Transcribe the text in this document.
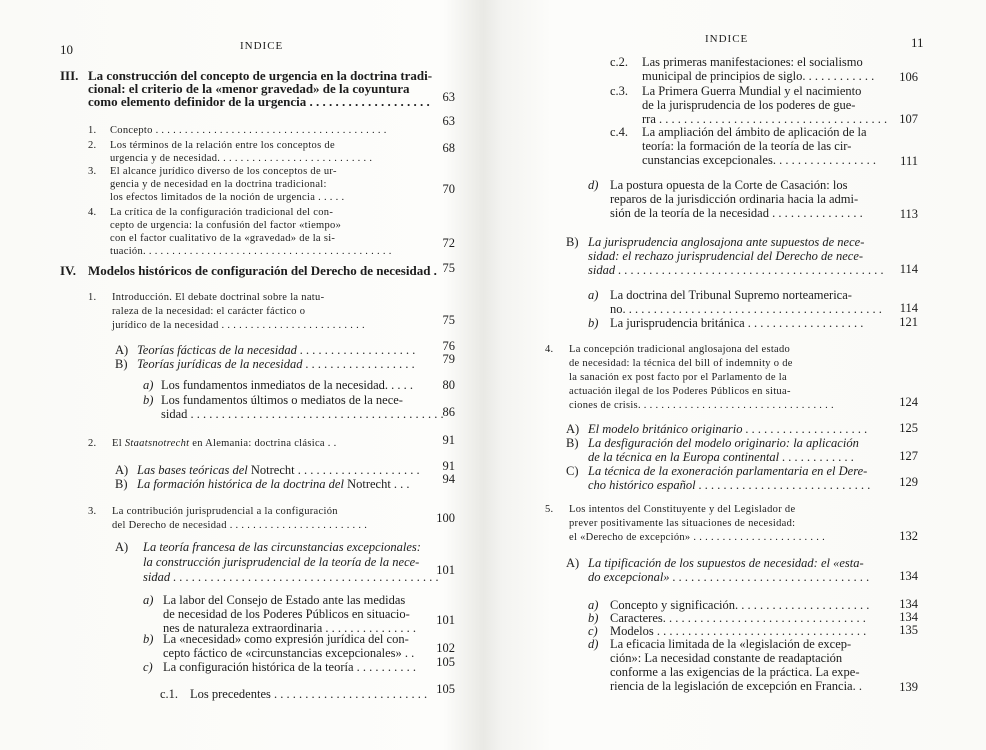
10	INDICE
III. La construcción del concepto de urgencia en la doctrina tradi-
cional: el criterio de la «menor gravedad» de la coyuntura
como elemento definidor de la urgencia . . . . . . . . . . . . . . . . . . .	63
1. Concepto . . . . . . . . . . . . . . . . . . . . . . . . . . . . . . . . . . . . . . . .
63
2. Los términos de la relación entre los conceptos de
urgencia y de necesidad. . . . . . . . . . . . . . . . . . . . . . . . . . .
68
3. El alcance jurídico diverso de los conceptos de ur-
gencia y de necesidad en la doctrina tradicional:
los efectos limitados de la noción de urgencia . . . . .
70
4. La crítica de la configuración tradicional del con-
cepto de urgencia: la confusión del factor «tiempo»
con el factor cualitativo de la «gravedad» de la si-
tuación. . . . . . . . . . . . . . . . . . . . . . . . . . . . . . . . . . . . . . . . . . .
72
IV. Modelos históricos de configuración del Derecho de necesidad . 75
1. Introducción. El debate doctrinal sobre la natu-
raleza de la necesidad: el carácter fáctico o
jurídico de la necesidad . . . . . . . . . . . . . . . . . . . . . . . . .	75
A) Teorías fácticas de la necesidad . . . . . . . . . . . . . . . . . . .	76
B) Teorías jurídicas de la necesidad . . . . . . . . . . . . . . . . . .	79
a) Los fundamentos inmediatos de la necesidad. . . . .	80
b) Los fundamentos últimos o mediatos de la nece-
sidad . . . . . . . . . . . . . . . . . . . . . . . . . . . . . . . . . . . . . . . . .
86
2. El Staatsnotrecht en Alemania: doctrina clásica . .	91
A) Las bases teóricas del Notrecht . . . . . . . . . . . . . . . . . . . .	91
B) La formación histórica de la doctrina del Notrecht . . .	94
3. La contribución jurisprudencial a la configuración
del Derecho de necesidad . . . . . . . . . . . . . . . . . . . . . . . .
100
A) La teoría francesa de las circunstancias excepcionales:
la construcción jurisprudencial de la teoría de la nece-
sidad . . . . . . . . . . . . . . . . . . . . . . . . . . . . . . . . . . . . . . . . . . .
101
a) La labor del Consejo de Estado ante las medidas
de necesidad de los Poderes Públicos en situacio-
nes de naturaleza extraordinaria . . . . . . . . . . . . . . .
101
b) La «necesidad» como expresión jurídica del con-
cepto fáctico de «circunstancias excepcionales» . .	102
c) La configuración histórica de la teoría . . . . . . . . . .	105
c.1. Los precedentes . . . . . . . . . . . . . . . . . . . . . . . . . 105
INDICE	11
c.2. Las primeras manifestaciones: el socialismo
municipal de principios de siglo. . . . . . . . . . . .	106
c.3. La Primera Guerra Mundial y el nacimiento
de la jurisprudencia de los poderes de gue-
rra . . . . . . . . . . . . . . . . . . . . . . . . . . . . . . . . . . . . . 107
c.4. La ampliación del ámbito de aplicación de la
teoría: la formación de la teoría de las cir-
cunstancias excepcionales. . . . . . . . . . . . . . . . .	111
d) La postura opuesta de la Corte de Casación: los
reparos de la jurisdicción ordinaria hacia la admi-
sión de la teoría de la necesidad . . . . . . . . . . . . . . .	113
B) La jurisprudencia anglosajona ante supuestos de nece-
sidad: el rechazo jurisprudencial del Derecho de nece-
sidad . . . . . . . . . . . . . . . . . . . . . . . . . . . . . . . . . . . . . . . . . . .	114
a) La doctrina del Tribunal Supremo norteamerica-
no. . . . . . . . . . . . . . . . . . . . . . . . . . . . . . . . . . . . . . . . . .	114
b) La jurisprudencia británica . . . . . . . . . . . . . . . . . . .	121
4. La concepción tradicional anglosajona del estado
de necesidad: la técnica del bill of indemnity o de
la sanación ex post facto por el Parlamento de la
actuación ilegal de los Poderes Públicos en situa-
ciones de crisis. . . . . . . . . . . . . . . . . . . . . . . . . . . . . . . . . .	124
A) El modelo británico originario . . . . . . . . . . . . . . . . . . . .	125
B) La desfiguración del modelo originario: la aplicación
de la técnica en la Europa continental . . . . . . . . . . . .	127
C) La técnica de la exoneración parlamentaria en el Dere-
cho histórico español . . . . . . . . . . . . . . . . . . . . . . . . . . . .	129
5. Los intentos del Constituyente y del Legislador de
prever positivamente las situaciones de necesidad:
el «Derecho de excepción» . . . . . . . . . . . . . . . . . . . . . . .	132
A) La tipificación de los supuestos de necesidad: el «esta-
do excepcional» . . . . . . . . . . . . . . . . . . . . . . . . . . . . . . . .	134
a) Concepto y significación. . . . . . . . . . . . . . . . . . . . . .	134
b) Caracteres. . . . . . . . . . . . . . . . . . . . . . . . . . . . . . . . .	134
c) Modelos . . . . . . . . . . . . . . . . . . . . . . . . . . . . . . . . . .	135
d) La eficacia limitada de la «legislación de excep-
ción»: La necesidad constante de readaptación
conforme a las exigencias de la práctica. La expe-
riencia de la legislación de excepción en Francia. .	139
